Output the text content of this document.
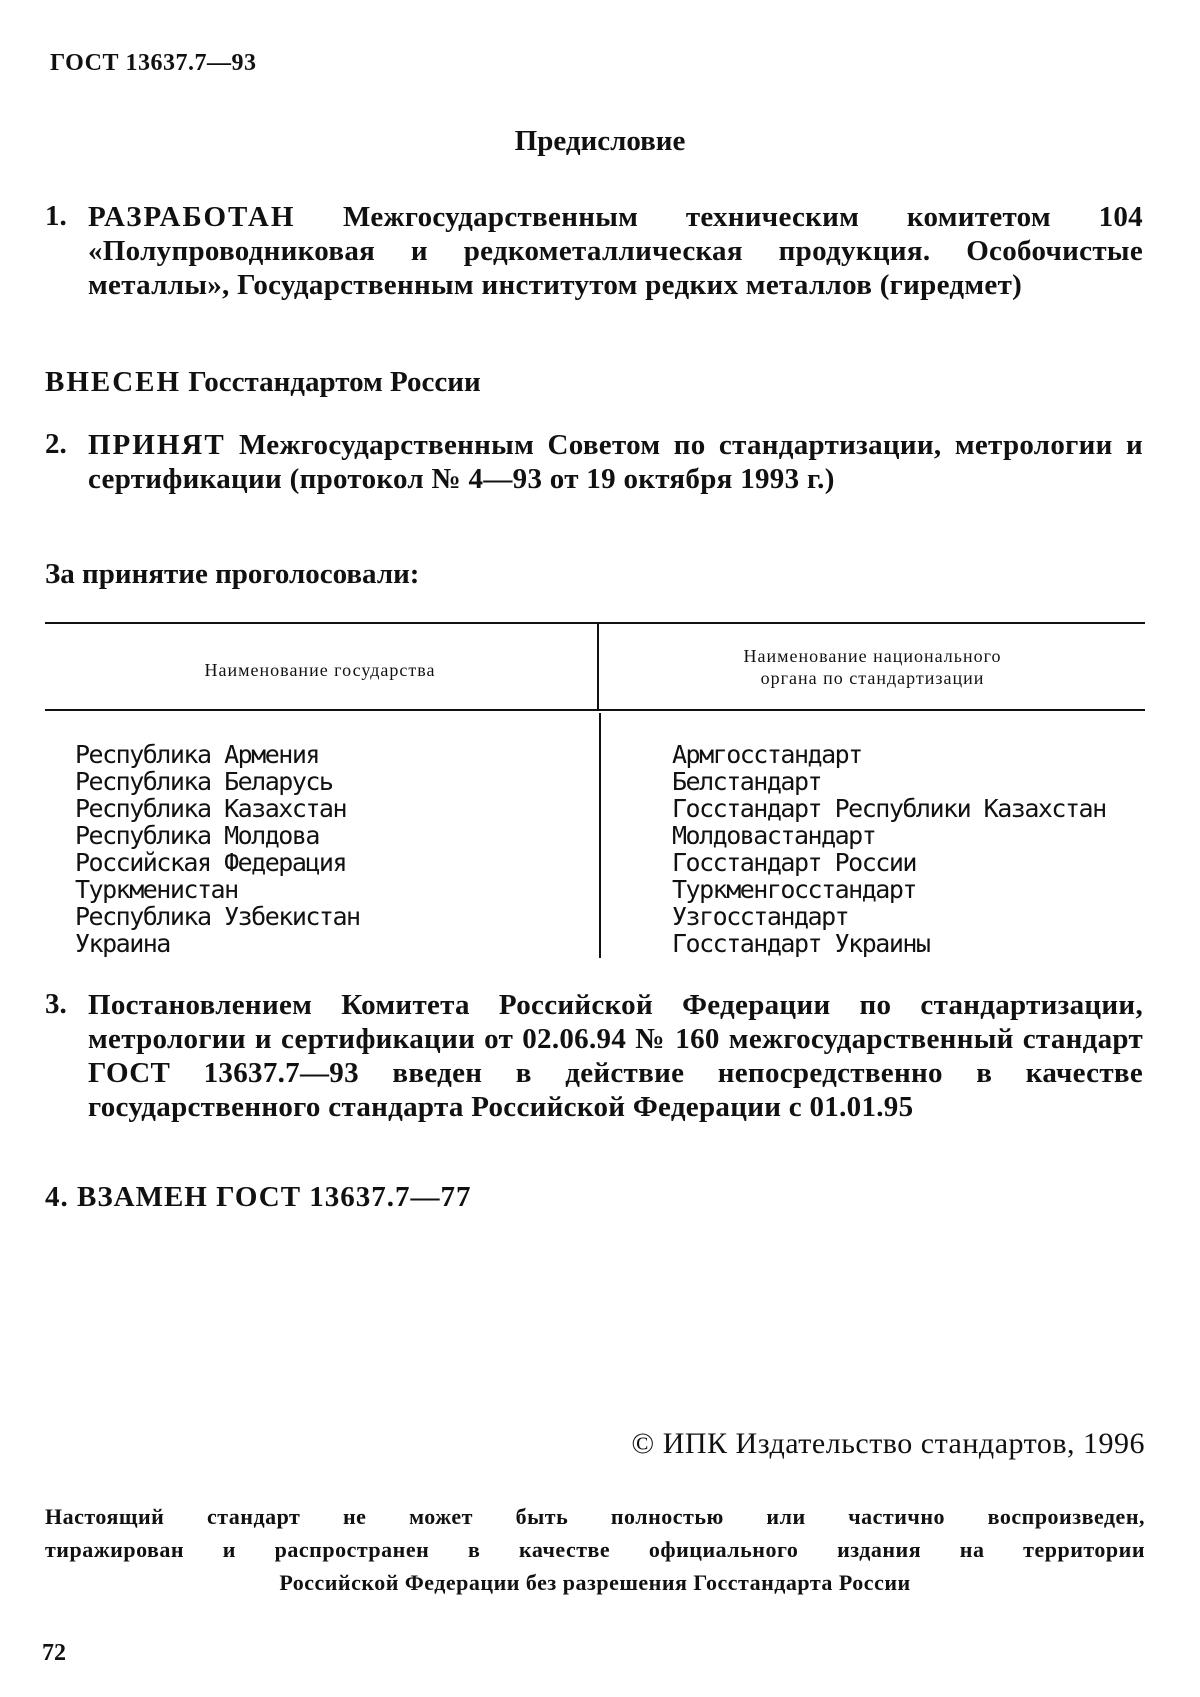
ГОСТ 13637.7—93
Предисловие
1. РАЗРАБОТАН Межгосударственным техническим комитетом 104 «Полупроводниковая и редкометаллическая продукция. Особочистые металлы», Государственным институтом редких металлов (гиредмет)
ВНЕСЕН Госстандартом России
2. ПРИНЯТ Межгосударственным Советом по стандартизации, метрологии и сертификации (протокол № 4—93 от 19 октября 1993 г.)
За принятие проголосовали:
Наименование государства
Наименование национального
органа по стандартизации
Республика Армения
Республика Беларусь
Республика Казахстан
Республика Молдова
Российская Федерация
Туркменистан
Республика Узбекистан
Украина
Армгосстандарт
Белстандарт
Госстандарт Республики Казахстан
Молдовастандарт
Госстандарт России
Туркменгосстандарт
Узгосстандарт
Госстандарт Украины
3. Постановлением Комитета Российской Федерации по стандартизации, метрологии и сертификации от 02.06.94 № 160 межгосударственный стандарт ГОСТ 13637.7—93 введен в действие непосредственно в качестве государственного стандарта Российской Федерации с 01.01.95
4. ВЗАМЕН ГОСТ 13637.7—77
© ИПК Издательство стандартов, 1996
Настоящий стандарт не может быть полностью или частично воспроизведен,
тиражирован и распространен в качестве официального издания на территории
Российской Федерации без разрешения Госстандарта России
72
